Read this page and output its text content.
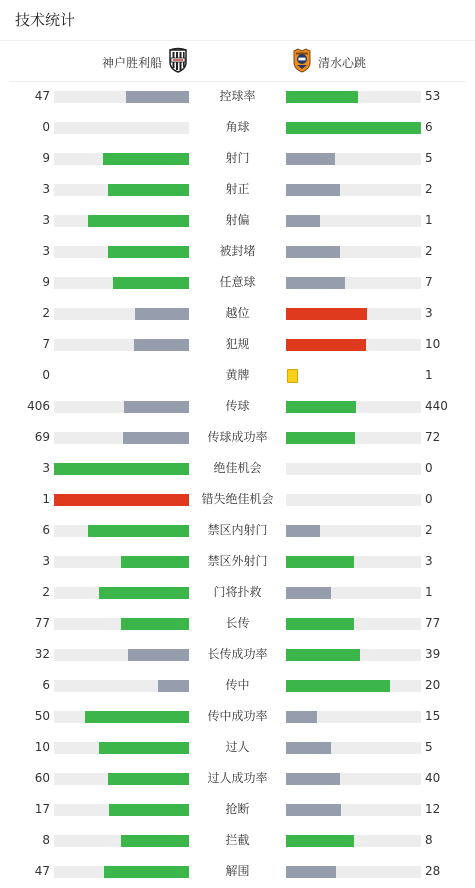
技术统计
神户胜利船	清水心跳
47	控球率	53
0	角球	6
9	射门	5
3	射正	2
3	射偏	1
3	被封堵	2
9	任意球	7
2	越位	3
7	犯规	10
0	黄牌	1
406	传球	440
69	传球成功率	72
3	绝佳机会	0
1	错失绝佳机会	0
6	禁区内射门	2
3	禁区外射门	3
2	门将扑救	1
77	长传	77
32	长传成功率	39
6	传中	20
50	传中成功率	15
10	过人	5
60	过人成功率	40
17	抢断	12
8	拦截	8
47	解围	28
